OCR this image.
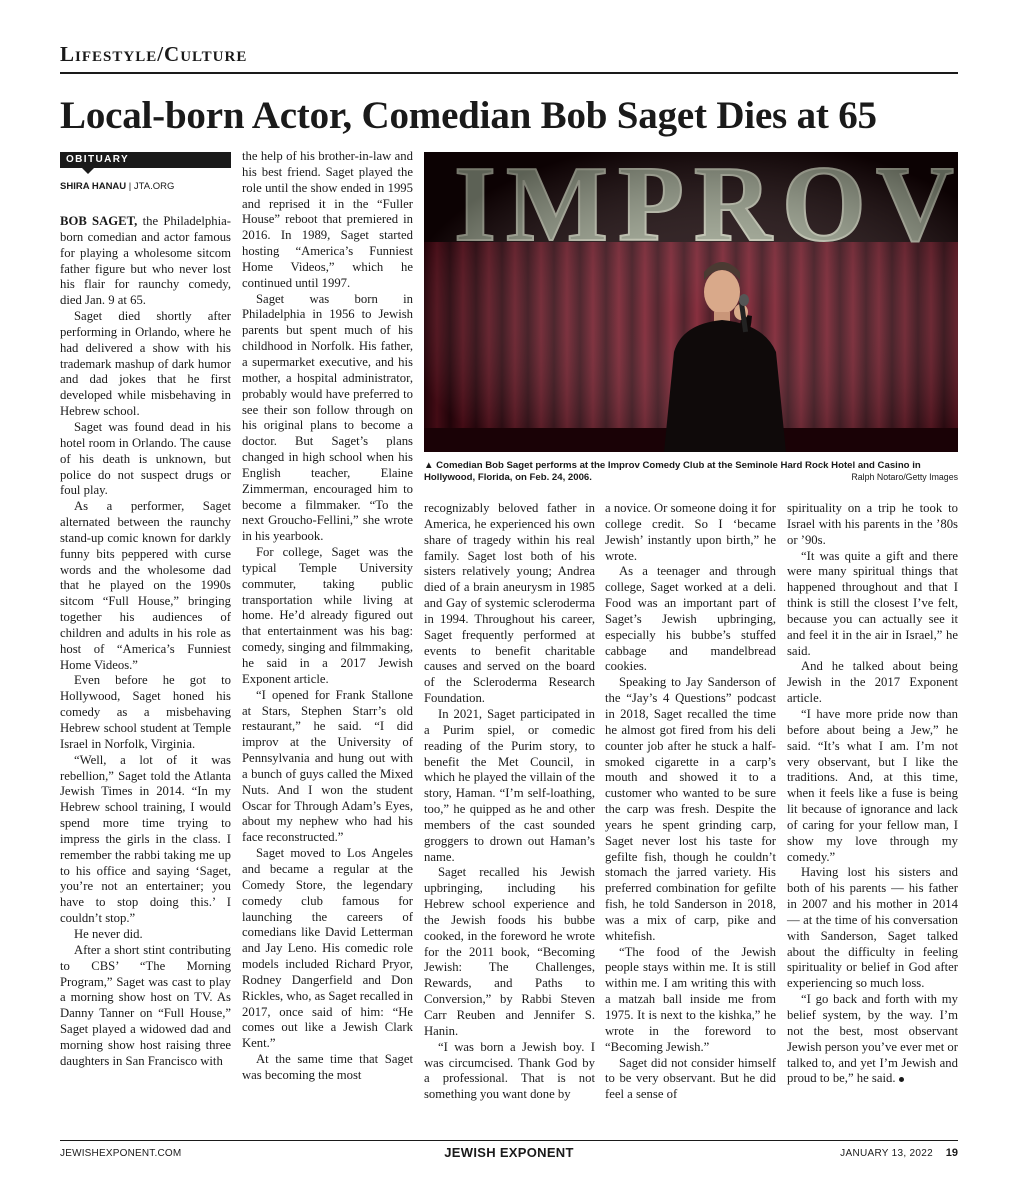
Lifestyle/Culture
Local-born Actor, Comedian Bob Saget Dies at 65
OBITUARY
SHIRA HANAU | JTA.ORG

BOB SAGET, the Philadelphia-born comedian and actor famous for playing a wholesome sitcom father figure but who never lost his flair for raunchy comedy, died Jan. 9 at 65.

Saget died shortly after performing in Orlando, where he had delivered a show with his trademark mashup of dark humor and dad jokes that he first developed while misbehaving in Hebrew school.

Saget was found dead in his hotel room in Orlando. The cause of his death is unknown, but police do not suspect drugs or foul play.

As a performer, Saget alternated between the raunchy stand-up comic known for darkly funny bits peppered with curse words and the wholesome dad that he played on the 1990s sitcom “Full House,” bringing together his audiences of children and adults in his role as host of “America’s Funniest Home Videos.”

Even before he got to Hollywood, Saget honed his comedy as a misbehaving Hebrew school student at Temple Israel in Norfolk, Virginia.

“Well, a lot of it was rebellion,” Saget told the Atlanta Jewish Times in 2014. “In my Hebrew school training, I would spend more time trying to impress the girls in the class. I remember the rabbi taking me up to his office and saying ‘Saget, you’re not an entertainer; you have to stop doing this.’ I couldn’t stop.”

He never did.

After a short stint contributing to CBS’ “The Morning Program,” Saget was cast to play a morning show host on TV. As Danny Tanner on “Full House,” Saget played a widowed dad and morning show host raising three daughters in San Francisco with

the help of his brother-in-law and his best friend. Saget played the role until the show ended in 1995 and reprised it in the “Fuller House” reboot that premiered in 2016. In 1989, Saget started hosting “America’s Funniest Home Videos,” which he continued until 1997.

Saget was born in Philadelphia in 1956 to Jewish parents but spent much of his childhood in Norfolk. His father, a supermarket executive, and his mother, a hospital administrator, probably would have preferred to see their son follow through on his original plans to become a doctor. But Saget’s plans changed in high school when his English teacher, Elaine Zimmerman, encouraged him to become a filmmaker. “To the next Groucho-Fellini,” she wrote in his yearbook.

For college, Saget was the typical Temple University commuter, taking public transportation while living at home. He’d already figured out that entertainment was his bag: comedy, singing and filmmaking, he said in a 2017 Jewish Exponent article.

“I opened for Frank Stallone at Stars, Stephen Starr’s old restaurant,” he said. “I did improv at the University of Pennsylvania and hung out with a bunch of guys called the Mixed Nuts. And I won the student Oscar for Through Adam’s Eyes, about my nephew who had his face reconstructed.”

Saget moved to Los Angeles and became a regular at the Comedy Store, the legendary comedy club famous for launching the careers of comedians like David Letterman and Jay Leno. His comedic role models included Richard Pryor, Rodney Dangerfield and Don Rickles, who, as Saget recalled in 2017, once said of him: “He comes out like a Jewish Clark Kent.”

At the same time that Saget was becoming the most

▲ Comedian Bob Saget performs at the Improv Comedy Club at the Seminole Hard Rock Hotel and Casino in Hollywood, Florida, on Feb. 24, 2006.	Ralph Notaro/Getty Images

recognizably beloved father in America, he experienced his own share of tragedy within his real family. Saget lost both of his sisters relatively young; Andrea died of a brain aneurysm in 1985 and Gay of systemic scleroderma in 1994. Throughout his career, Saget frequently performed at events to benefit charitable causes and served on the board of the Scleroderma Research Foundation.

In 2021, Saget participated in a Purim spiel, or comedic reading of the Purim story, to benefit the Met Council, in which he played the villain of the story, Haman. “I’m self-loathing, too,” he quipped as he and other members of the cast sounded groggers to drown out Haman’s name.

Saget recalled his Jewish upbringing, including his Hebrew school experience and the Jewish foods his bubbe cooked, in the foreword he wrote for the 2011 book, “Becoming Jewish: The Challenges, Rewards, and Paths to Conversion,” by Rabbi Steven Carr Reuben and Jennifer S. Hanin.

“I was born a Jewish boy. I was circumcised. Thank God by a professional. That is not something you want done by

a novice. Or someone doing it for college credit. So I ‘became Jewish’ instantly upon birth,” he wrote.

As a teenager and through college, Saget worked at a deli. Food was an important part of Saget’s Jewish upbringing, especially his bubbe’s stuffed cabbage and mandelbread cookies.

Speaking to Jay Sanderson of the “Jay’s 4 Questions” podcast in 2018, Saget recalled the time he almost got fired from his deli counter job after he stuck a half-smoked cigarette in a carp’s mouth and showed it to a customer who wanted to be sure the carp was fresh. Despite the years he spent grinding carp, Saget never lost his taste for gefilte fish, though he couldn’t stomach the jarred variety. His preferred combination for gefilte fish, he told Sanderson in 2018, was a mix of carp, pike and whitefish.

“The food of the Jewish people stays within me. It is still within me. I am writing this with a matzah ball inside me from 1975. It is next to the kishka,” he wrote in the foreword to “Becoming Jewish.”

Saget did not consider himself to be very observant. But he did feel a sense of

spirituality on a trip he took to Israel with his parents in the ’80s or ’90s.

“It was quite a gift and there were many spiritual things that happened throughout and that I think is still the closest I’ve felt, because you can actually see it and feel it in the air in Israel,” he said.

And he talked about being Jewish in the 2017 Exponent article.

“I have more pride now than before about being a Jew,” he said. “It’s what I am. I’m not very observant, but I like the traditions. And, at this time, when it feels like a fuse is being lit because of ignorance and lack of caring for your fellow man, I show my love through my comedy.”

Having lost his sisters and both of his parents — his father in 2007 and his mother in 2014 — at the time of his conversation with Sanderson, Saget talked about the difficulty in feeling spirituality or belief in God after experiencing so much loss.

“I go back and forth with my belief system, by the way. I’m not the best, most observant Jewish person you’ve ever met or talked to, and yet I’m Jewish and proud to be,” he said.

JEWISHEXPONENT.COM	JEWISH EXPONENT	JANUARY 13, 2022 19
